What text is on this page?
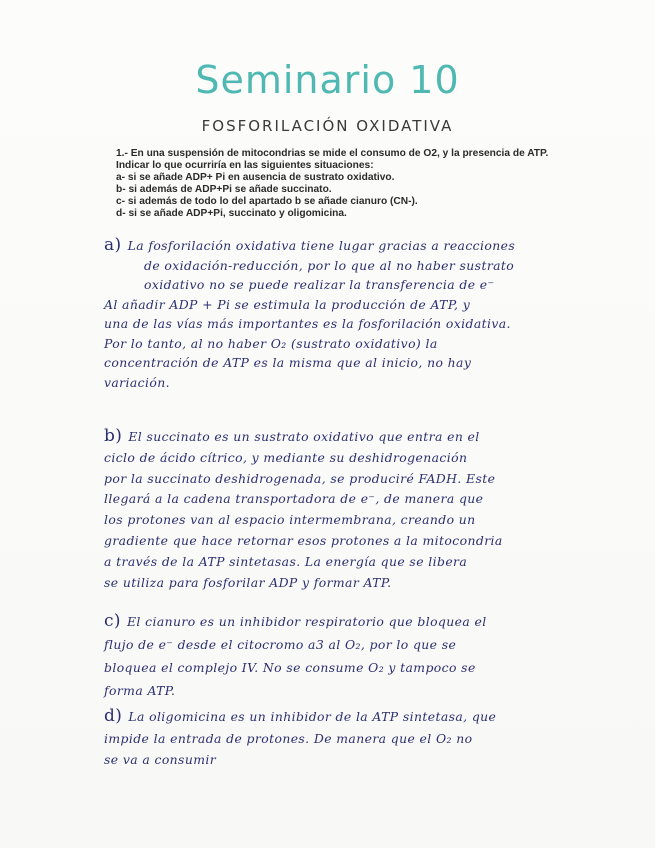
Seminario 10
FOSFORILACIÓN OXIDATIVA
1.- En una suspensión de mitocondrias se mide el consumo de O2, y la presencia de ATP. Indicar lo que ocurriría en las siguientes situaciones:
a- si se añade ADP+ Pi en ausencia de sustrato oxidativo.
b- si además de ADP+Pi se añade succinato.
c- si además de todo lo del apartado b se añade cianuro (CN-).
d- si se añade ADP+Pi, succinato y oligomicina.
a) La fosforilación oxidativa tiene lugar gracias a reacciones
de oxidación-reducción, por lo que al no haber sustrato
oxidativo no se puede realizar la transferencia de e⁻
Al añadir ADP + Pi se estimula la producción de ATP, y
una de las vías más importantes es la fosforilación oxidativa.
Por lo tanto, al no haber O₂ (sustrato oxidativo) la
concentración de ATP es la misma que al inicio, no hay
variación.
b) El succinato es un sustrato oxidativo que entra en el
ciclo de ácido cítrico, y mediante su deshidrogenación
por la succinato deshidrogenada, se produciré FADH. Este
llegará a la cadena transportadora de e⁻, de manera que
los protones van al espacio intermembrana, creando un
gradiente que hace retornar esos protones a la mitocondria
a través de la ATP sintetasas. La energía que se libera
se utiliza para fosforilar ADP y formar ATP.
c) El cianuro es un inhibidor respiratorio que bloquea el
flujo de e⁻ desde el citocromo a3 al O₂, por lo que se
bloquea el complejo IV. No se consume O₂ y tampoco se
forma ATP.
d) La oligomicina es un inhibidor de la ATP sintetasa, que
impide la entrada de protones. De manera que el O₂ no
se va a consumir
